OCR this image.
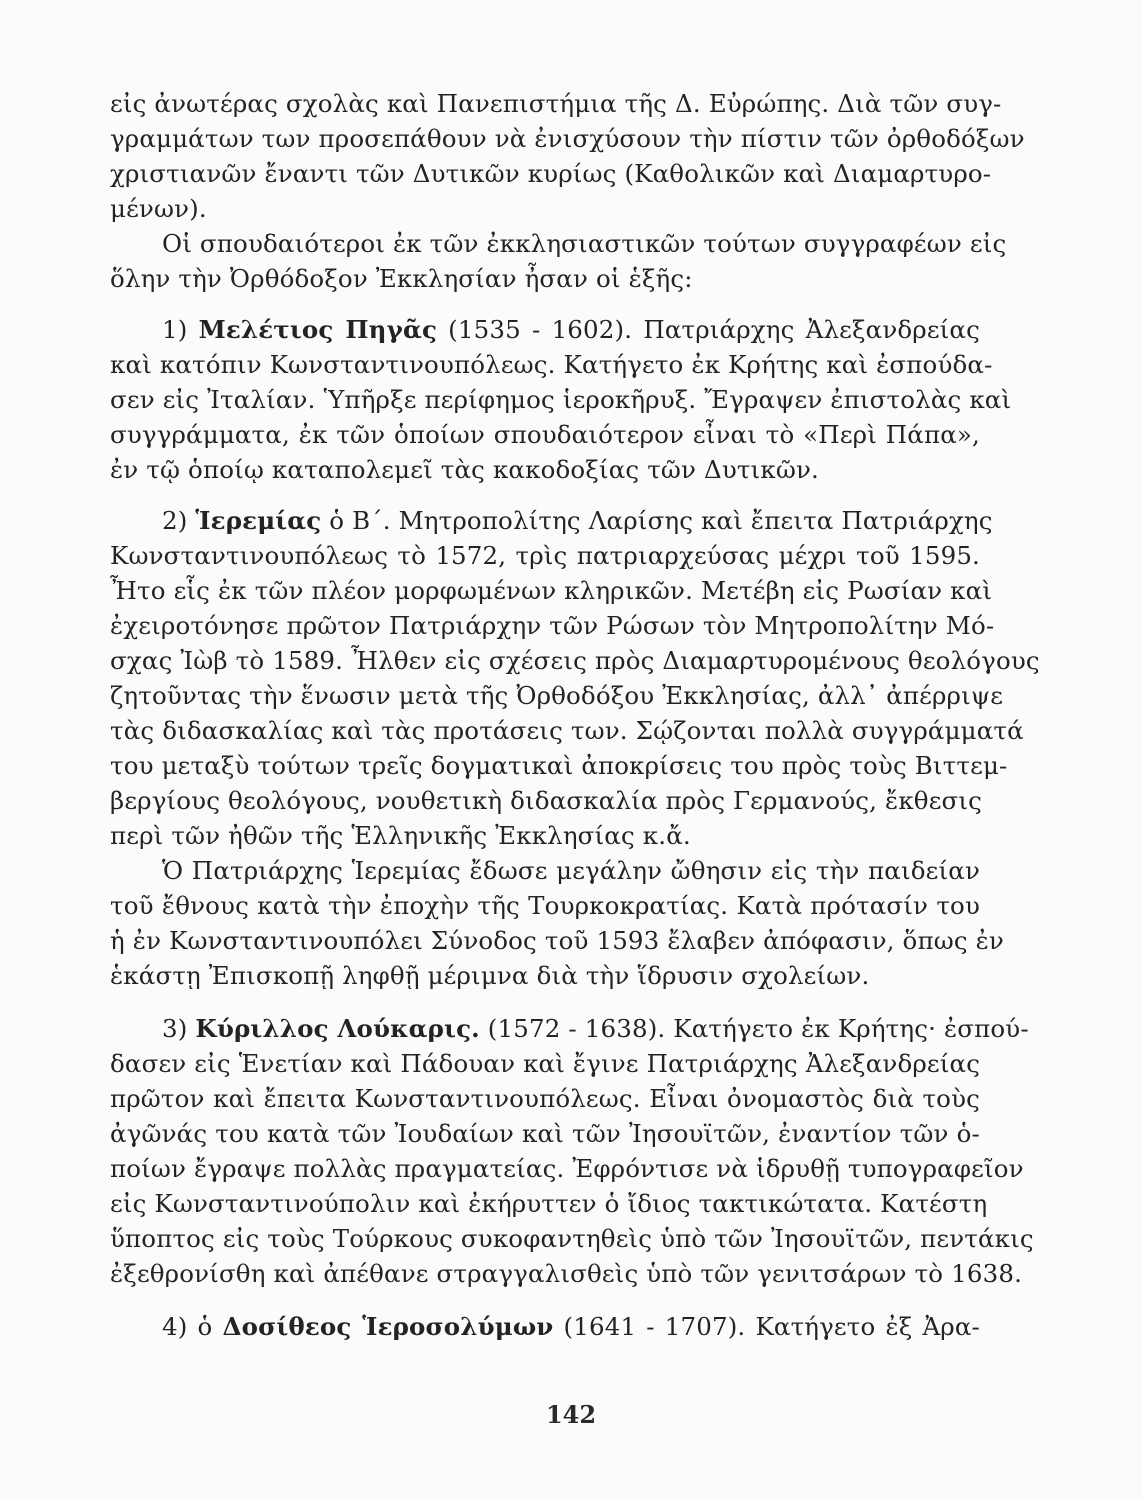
εἰς ἀνωτέρας σχολὰς καὶ Πανεπιστήμια τῆς Δ. Εὐρώπης. Διὰ τῶν συγ-
γραμμάτων των προσεπάθουν νὰ ἐνισχύσουν τὴν πίστιν τῶν ὀρθοδόξων
χριστιανῶν ἔναντι τῶν Δυτικῶν κυρίως (Καθολικῶν καὶ Διαμαρτυρο-
μένων).
Οἱ σπουδαιότεροι ἐκ τῶν ἐκκλησιαστικῶν τούτων συγγραφέων εἰς
ὅλην τὴν Ὀρθόδοξον Ἐκκλησίαν ἦσαν οἱ ἑξῆς:
1) Μελέτιος Πηγᾶς (1535 - 1602). Πατριάρχης Ἀλεξανδρείας
καὶ κατόπιν Κωνσταντινουπόλεως. Κατήγετο ἐκ Κρήτης καὶ ἐσπούδα-
σεν εἰς Ἰταλίαν. Ὑπῆρξε περίφημος ἱεροκῆρυξ. Ἔγραψεν ἐπιστολὰς καὶ
συγγράμματα, ἐκ τῶν ὁποίων σπουδαιότερον εἶναι τὸ «Περὶ Πάπα»,
ἐν τῷ ὁποίῳ καταπολεμεῖ τὰς κακοδοξίας τῶν Δυτικῶν.
2) Ἱερεμίας ὁ Β΄. Μητροπολίτης Λαρίσης καὶ ἔπειτα Πατριάρχης
Κωνσταντινουπόλεως τὸ 1572, τρὶς πατριαρχεύσας μέχρι τοῦ 1595.
Ἦτο εἷς ἐκ τῶν πλέον μορφωμένων κληρικῶν. Μετέβη εἰς Ρωσίαν καὶ
ἐχειροτόνησε πρῶτον Πατριάρχην τῶν Ρώσων τὸν Μητροπολίτην Μό-
σχας Ἰὼβ τὸ 1589. Ἦλθεν εἰς σχέσεις πρὸς Διαμαρτυρομένους θεολόγους
ζητοῦντας τὴν ἕνωσιν μετὰ τῆς Ὀρθοδόξου Ἐκκλησίας, ἀλλ᾽ ἀπέρριψε
τὰς διδασκαλίας καὶ τὰς προτάσεις των. Σῴζονται πολλὰ συγγράμματά
του μεταξὺ τούτων τρεῖς δογματικαὶ ἀποκρίσεις του πρὸς τοὺς Βιττεμ-
βεργίους θεολόγους, νουθετικὴ διδασκαλία πρὸς Γερμανούς, ἔκθεσις
περὶ τῶν ἠθῶν τῆς Ἑλληνικῆς Ἐκκλησίας κ.ἄ.
Ὁ Πατριάρχης Ἱερεμίας ἔδωσε μεγάλην ὤθησιν εἰς τὴν παιδείαν
τοῦ ἔθνους κατὰ τὴν ἐποχὴν τῆς Τουρκοκρατίας. Κατὰ πρότασίν του
ἡ ἐν Κωνσταντινουπόλει Σύνοδος τοῦ 1593 ἔλαβεν ἀπόφασιν, ὅπως ἐν
ἑκάστῃ Ἐπισκοπῇ ληφθῇ μέριμνα διὰ τὴν ἵδρυσιν σχολείων.
3) Κύριλλος Λούκαρις. (1572 - 1638). Κατήγετο ἐκ Κρήτης· ἐσπού-
δασεν εἰς Ἑνετίαν καὶ Πάδουαν καὶ ἔγινε Πατριάρχης Ἀλεξανδρείας
πρῶτον καὶ ἔπειτα Κωνσταντινουπόλεως. Εἶναι ὀνομαστὸς διὰ τοὺς
ἀγῶνάς του κατὰ τῶν Ἰουδαίων καὶ τῶν Ἰησουϊτῶν, ἐναντίον τῶν ὁ-
ποίων ἔγραψε πολλὰς πραγματείας. Ἐφρόντισε νὰ ἱδρυθῇ τυπογραφεῖον
εἰς Κωνσταντινούπολιν καὶ ἐκήρυττεν ὁ ἴδιος τακτικώτατα. Κατέστη
ὕποπτος εἰς τοὺς Τούρκους συκοφαντηθεὶς ὑπὸ τῶν Ἰησουϊτῶν, πεντάκις
ἐξεθρονίσθη καὶ ἀπέθανε στραγγαλισθεὶς ὑπὸ τῶν γενιτσάρων τὸ 1638.
4) ὁ Δοσίθεος Ἱεροσολύμων (1641 - 1707). Κατήγετο ἐξ Ἀρα-
142
